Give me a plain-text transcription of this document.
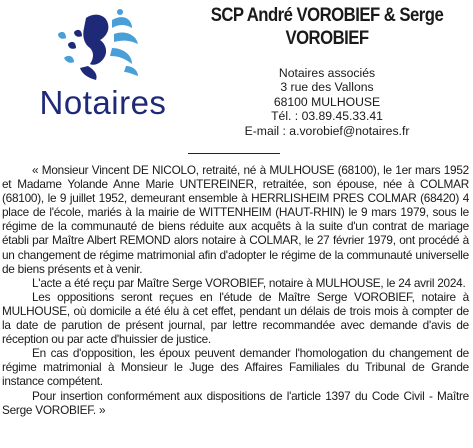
Notaires
SCP André VOROBIEF & Serge
VOROBIEF
Notaires associés
3 rue des Vallons
68100 MULHOUSE
Tél. : 03.89.45.33.41
E-mail : a.vorobief@notaires.fr

« Monsieur Vincent DE NICOLO, retraité, né à MULHOUSE (68100), le 1er mars 1952 et Madame Yolande Anne Marie UNTEREINER, retraitée, son épouse, née à COLMAR (68100), le 9 juillet 1952, demeurant ensemble à HERRLISHEIM PRES COLMAR (68420) 4 place de l'école, mariés à la mairie de WITTENHEIM (HAUT-RHIN) le 9 mars 1979, sous le régime de la communauté de biens réduite aux acquêts à la suite d'un contrat de mariage établi par Maître Albert REMOND alors notaire à COLMAR, le 27 février 1979, ont procédé à un changement de régime matrimonial afin d'adopter le régime de la communauté universelle de biens présents et à venir.

L'acte a été reçu par Maître Serge VOROBIEF, notaire à MULHOUSE, le 24 avril 2024.

Les oppositions seront reçues en l'étude de Maître Serge VOROBIEF, notaire à MULHOUSE, où domicile a été élu à cet effet, pendant un délais de trois mois à compter de la date de parution de présent journal, par lettre recommandée avec demande d'avis de réception ou par acte d'huissier de justice.

En cas d'opposition, les époux peuvent demander l'homologation du changement de régime matrimonial à Monsieur le Juge des Affaires Familiales du Tribunal de Grande instance compétent.

Pour insertion conformément aux dispositions de l'article 1397 du Code Civil - Maître Serge VOROBIEF. »
